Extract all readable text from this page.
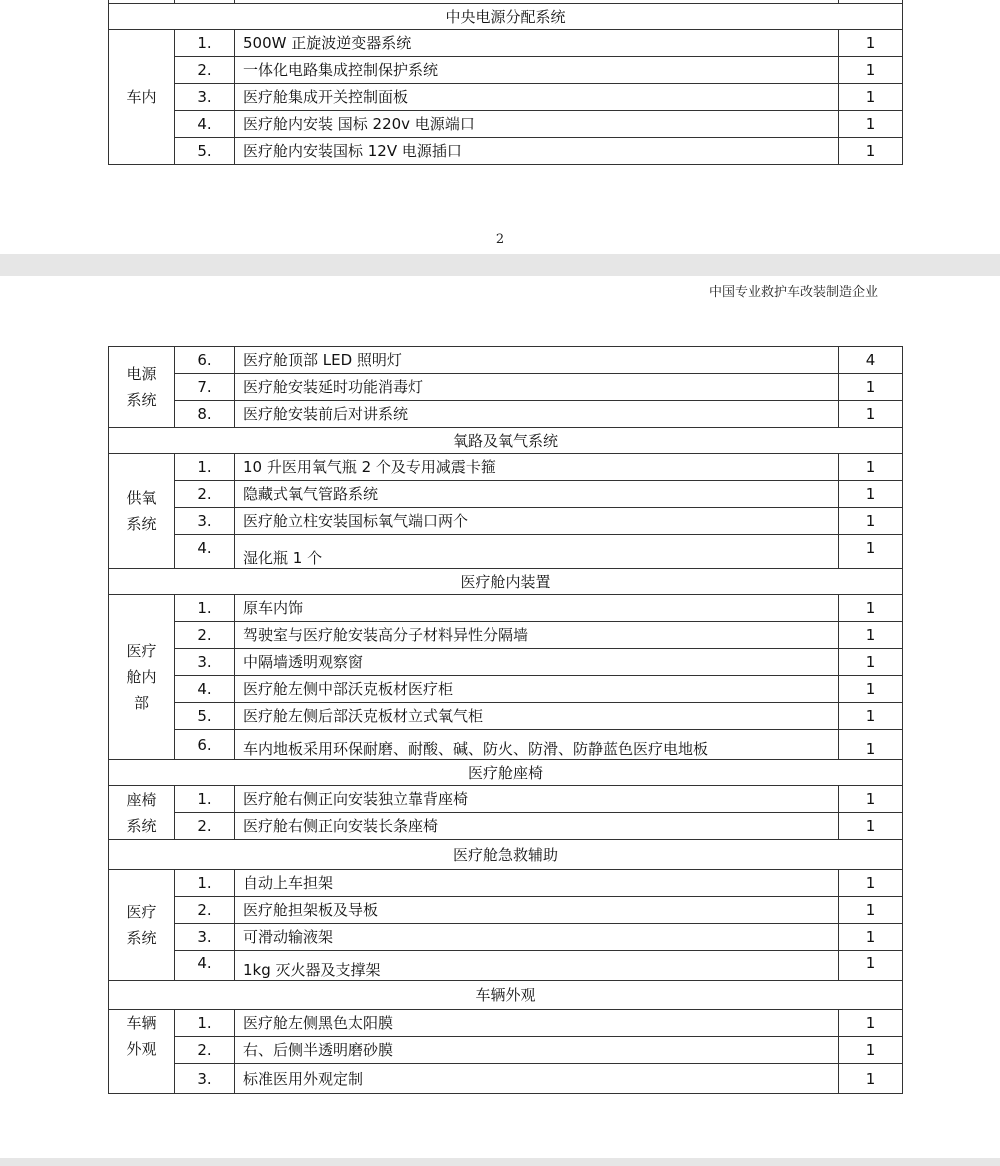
中央电源分配系统			
车内	1.	500W 正旋波逆变器系统	1
	2.	一体化电路集成控制保护系统	1
	3.	医疗舱集成开关控制面板	1
	4.	医疗舱内安装 国标 220v 电源端口	1
	5.	医疗舱内安装国标 12V 电源插口	1
2
中国专业救护车改装制造企业
电源
系统	6.	医疗舱顶部 LED 照明灯	4
	7.	医疗舱安装延时功能消毒灯	1
	8.	医疗舱安装前后对讲系统	1
氧路及氧气系统			

供氧
系统	1.	10 升医用氧气瓶 2 个及专用减震卡箍	1
	2.	隐藏式氧气管路系统	1
	3.	医疗舱立柱安装国标氧气端口两个	1
	4.	湿化瓶 1 个	1
医疗舱内装置			

医疗
舱内
部	1.	原车内饰	1
	2.	驾驶室与医疗舱安装高分子材料异性分隔墙	1
	3.	中隔墙透明观察窗	1
	4.	医疗舱左侧中部沃克板材医疗柜	1
	5.	医疗舱左侧后部沃克板材立式氧气柜	1
	6.	车内地板采用环保耐磨、耐酸、碱、防火、防滑、防静蓝色医疗电地板	1
医疗舱座椅			

座椅
系统	1.	医疗舱右侧正向安装独立靠背座椅	1
	2.	医疗舱右侧正向安装长条座椅	1
医疗舱急救辅助			

医疗
系统	1.	自动上车担架	1
	2.	医疗舱担架板及导板	1
	3.	可滑动输液架	1
	4.	1kg 灭火器及支撑架	1
车辆外观			

车辆
外观	1.	医疗舱左侧黑色太阳膜	1
	2.	右、后侧半透明磨砂膜	1
	3.	标准医用外观定制	1
